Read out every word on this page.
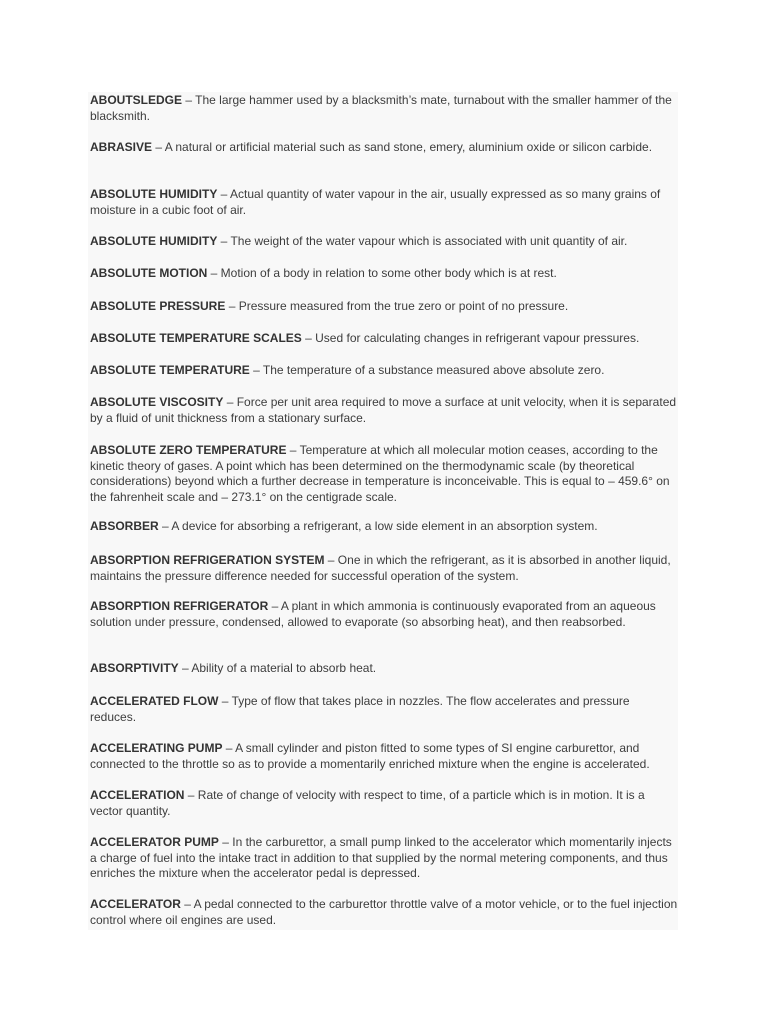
ABOUTSLEDGE – The large hammer used by a blacksmith’s mate, turnabout with the smaller hammer of the blacksmith.

ABRASIVE – A natural or artificial material such as sand stone, emery, aluminium oxide or silicon carbide.

ABSOLUTE HUMIDITY – Actual quantity of water vapour in the air, usually expressed as so many grains of moisture in a cubic foot of air.

ABSOLUTE HUMIDITY – The weight of the water vapour which is associated with unit quantity of air.

ABSOLUTE MOTION – Motion of a body in relation to some other body which is at rest.

ABSOLUTE PRESSURE – Pressure measured from the true zero or point of no pressure.

ABSOLUTE TEMPERATURE SCALES – Used for calculating changes in refrigerant vapour pressures.

ABSOLUTE TEMPERATURE – The temperature of a substance measured above absolute zero.

ABSOLUTE VISCOSITY – Force per unit area required to move a surface at unit velocity, when it is separated by a fluid of unit thickness from a stationary surface.

ABSOLUTE ZERO TEMPERATURE – Temperature at which all molecular motion ceases, according to the kinetic theory of gases. A point which has been determined on the thermodynamic scale (by theoretical considerations) beyond which a further decrease in temperature is inconceivable. This is equal to – 459.6° on the fahrenheit scale and – 273.1° on the centigrade scale.

ABSORBER – A device for absorbing a refrigerant, a low side element in an absorption system.

ABSORPTION REFRIGERATION SYSTEM – One in which the refrigerant, as it is absorbed in another liquid, maintains the pressure difference needed for successful operation of the system.

ABSORPTION REFRIGERATOR – A plant in which ammonia is continuously evaporated from an aqueous solution under pressure, condensed, allowed to evaporate (so absorbing heat), and then reabsorbed.

ABSORPTIVITY – Ability of a material to absorb heat.

ACCELERATED FLOW – Type of flow that takes place in nozzles. The flow accelerates and pressure reduces.

ACCELERATING PUMP – A small cylinder and piston fitted to some types of SI engine carburettor, and connected to the throttle so as to provide a momentarily enriched mixture when the engine is accelerated.

ACCELERATION – Rate of change of velocity with respect to time, of a particle which is in motion. It is a vector quantity.

ACCELERATOR PUMP – In the carburettor, a small pump linked to the accelerator which momentarily injects a charge of fuel into the intake tract in addition to that supplied by the normal metering components, and thus enriches the mixture when the accelerator pedal is depressed.

ACCELERATOR – A pedal connected to the carburettor throttle valve of a motor vehicle, or to the fuel injection control where oil engines are used.
